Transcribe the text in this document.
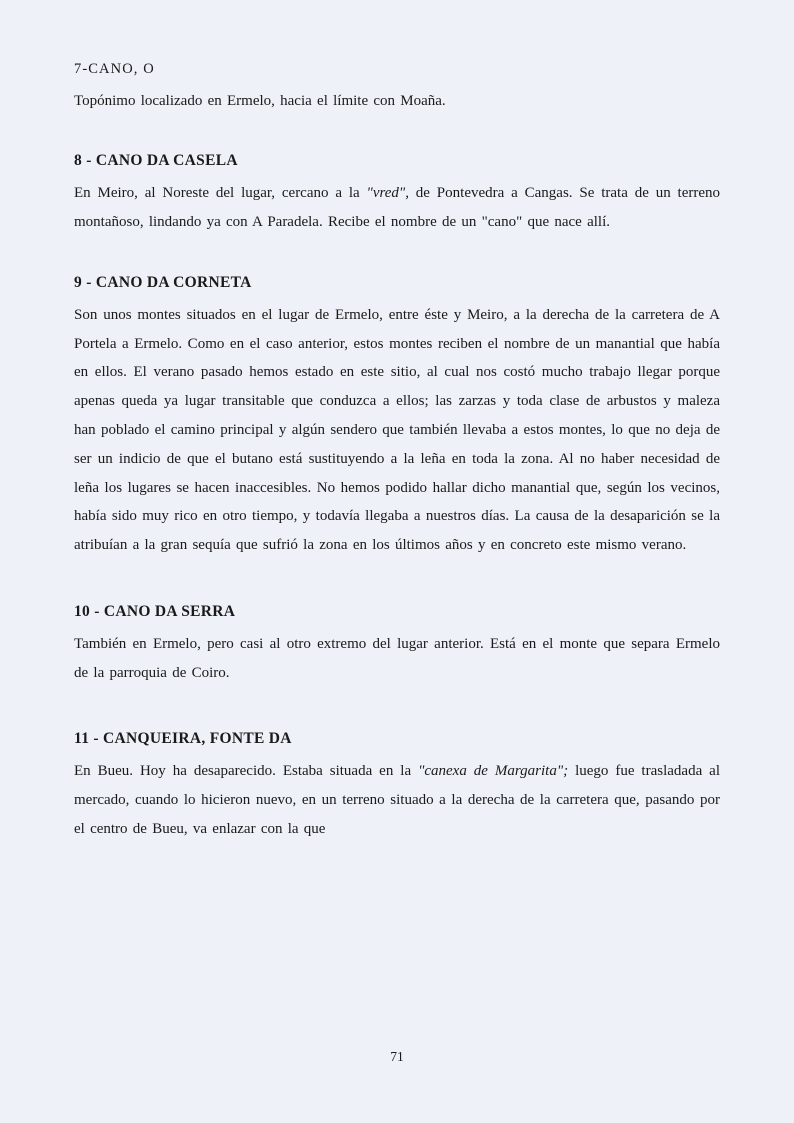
7-CANO, O

Topónimo localizado en Ermelo, hacia el límite con Moaña.

8 - CANO DA CASELA

En Meiro, al Noreste del lugar, cercano a la "vred", de Pontevedra a Cangas. Se trata de un terreno montañoso, lindando ya con A Paradela. Recibe el nombre de un "cano" que nace allí.

9 - CANO DA CORNETA

Son unos montes situados en el lugar de Ermelo, entre éste y Meiro, a la derecha de la carretera de A Portela a Ermelo. Como en el caso anterior, estos montes reciben el nombre de un manantial que había en ellos. El verano pasado hemos estado en este sitio, al cual nos costó mucho trabajo llegar porque apenas queda ya lugar transitable que conduzca a ellos; las zarzas y toda clase de arbustos y maleza han poblado el camino principal y algún sendero que también llevaba a estos montes, lo que no deja de ser un indicio de que el butano está sustituyendo a la leña en toda la zona. Al no haber necesidad de leña los lugares se hacen inaccesibles. No hemos podido hallar dicho manantial que, según los vecinos, había sido muy rico en otro tiempo, y todavía llegaba a nuestros días. La causa de la desaparición se la atribuían a la gran sequía que sufrió la zona en los últimos años y en concreto este mismo verano.

10 - CANO DA SERRA

También en Ermelo, pero casi al otro extremo del lugar anterior. Está en el monte que separa Ermelo de la parroquia de Coiro.

11 - CANQUEIRA, FONTE DA

En Bueu. Hoy ha desaparecido. Estaba situada en la "canexa de Margarita"; luego fue trasladada al mercado, cuando lo hicieron nuevo, en un terreno situado a la derecha de la carretera que, pasando por el centro de Bueu, va enlazar con la que

71
